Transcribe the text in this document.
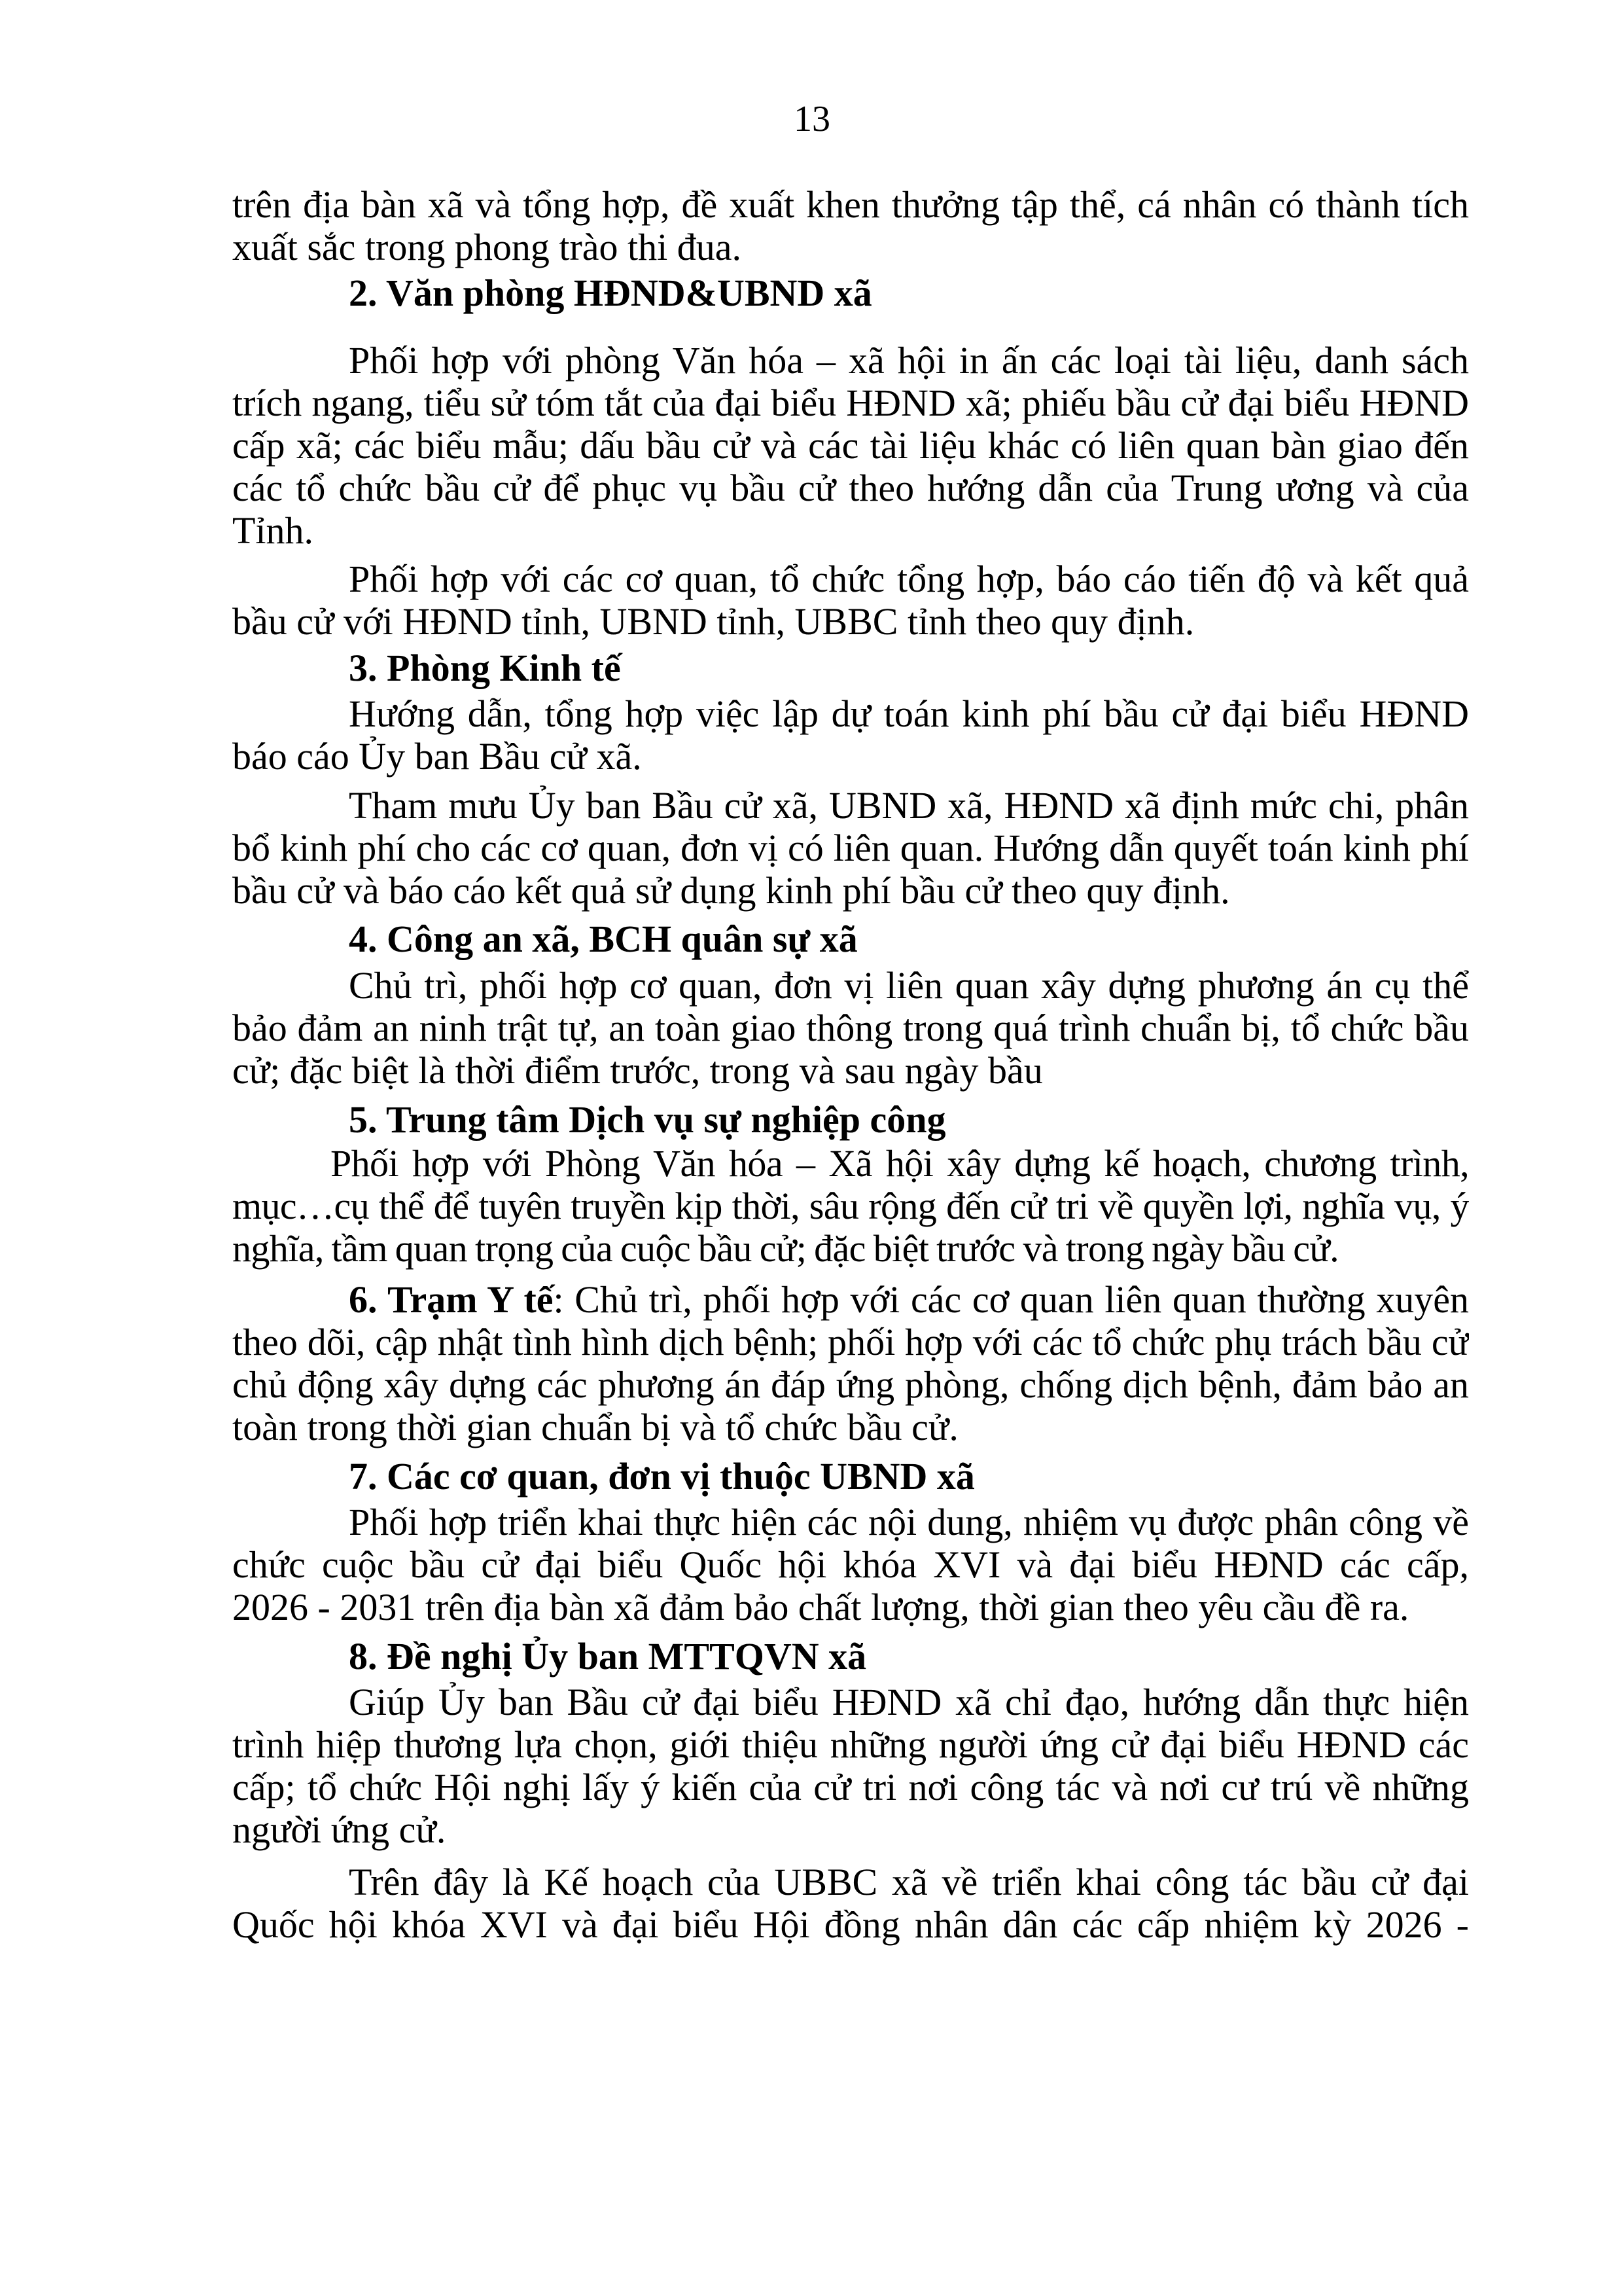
13
trên địa bàn xã và tổng hợp, đề xuất khen thưởng tập thể, cá nhân có thành tích
xuất sắc trong phong trào thi đua.
2. Văn phòng HĐND&UBND xã
Phối hợp với phòng Văn hóa – xã hội in ấn các loại tài liệu, danh sách
trích ngang, tiểu sử tóm tắt của đại biểu HĐND xã; phiếu bầu cử đại biểu HĐND
cấp xã; các biểu mẫu; dấu bầu cử và các tài liệu khác có liên quan bàn giao đến
các tổ chức bầu cử để phục vụ bầu cử theo hướng dẫn của Trung ương và của
Tỉnh.
Phối hợp với các cơ quan, tổ chức tổng hợp, báo cáo tiến độ và kết quả
bầu cử với HĐND tỉnh, UBND tỉnh, UBBC tỉnh theo quy định.
3. Phòng Kinh tế
Hướng dẫn, tổng hợp việc lập dự toán kinh phí bầu cử đại biểu HĐND
báo cáo Ủy ban Bầu cử xã.
Tham mưu Ủy ban Bầu cử xã, UBND xã, HĐND xã định mức chi, phân
bổ kinh phí cho các cơ quan, đơn vị có liên quan. Hướng dẫn quyết toán kinh phí
bầu cử và báo cáo kết quả sử dụng kinh phí bầu cử theo quy định.
4. Công an xã, BCH quân sự xã
Chủ trì, phối hợp cơ quan, đơn vị liên quan xây dựng phương án cụ thể
bảo đảm an ninh trật tự, an toàn giao thông trong quá trình chuẩn bị, tổ chức bầu
cử; đặc biệt là thời điểm trước, trong và sau ngày bầu
5. Trung tâm Dịch vụ sự nghiệp công
Phối hợp với Phòng Văn hóa – Xã hội xây dựng kế hoạch, chương trình,
mục…cụ thể để tuyên truyền kịp thời, sâu rộng đến cử tri về quyền lợi, nghĩa vụ, ý
nghĩa, tầm quan trọng của cuộc bầu cử; đặc biệt trước và trong ngày bầu cử.
6. Trạm Y tế: Chủ trì, phối hợp với các cơ quan liên quan thường xuyên
theo dõi, cập nhật tình hình dịch bệnh; phối hợp với các tổ chức phụ trách bầu cử
chủ động xây dựng các phương án đáp ứng phòng, chống dịch bệnh, đảm bảo an
toàn trong thời gian chuẩn bị và tổ chức bầu cử.
7. Các cơ quan, đơn vị thuộc UBND xã
Phối hợp triển khai thực hiện các nội dung, nhiệm vụ được phân công về
chức cuộc bầu cử đại biểu Quốc hội khóa XVI và đại biểu HĐND các cấp,
2026 - 2031 trên địa bàn xã đảm bảo chất lượng, thời gian theo yêu cầu đề ra.
8. Đề nghị Ủy ban MTTQVN xã
Giúp Ủy ban Bầu cử đại biểu HĐND xã chỉ đạo, hướng dẫn thực hiện
trình hiệp thương lựa chọn, giới thiệu những người ứng cử đại biểu HĐND các
cấp; tổ chức Hội nghị lấy ý kiến của cử tri nơi công tác và nơi cư trú về những
người ứng cử.
Trên đây là Kế hoạch của UBBC xã về triển khai công tác bầu cử đại
Quốc hội khóa XVI và đại biểu Hội đồng nhân dân các cấp nhiệm kỳ 2026 -
